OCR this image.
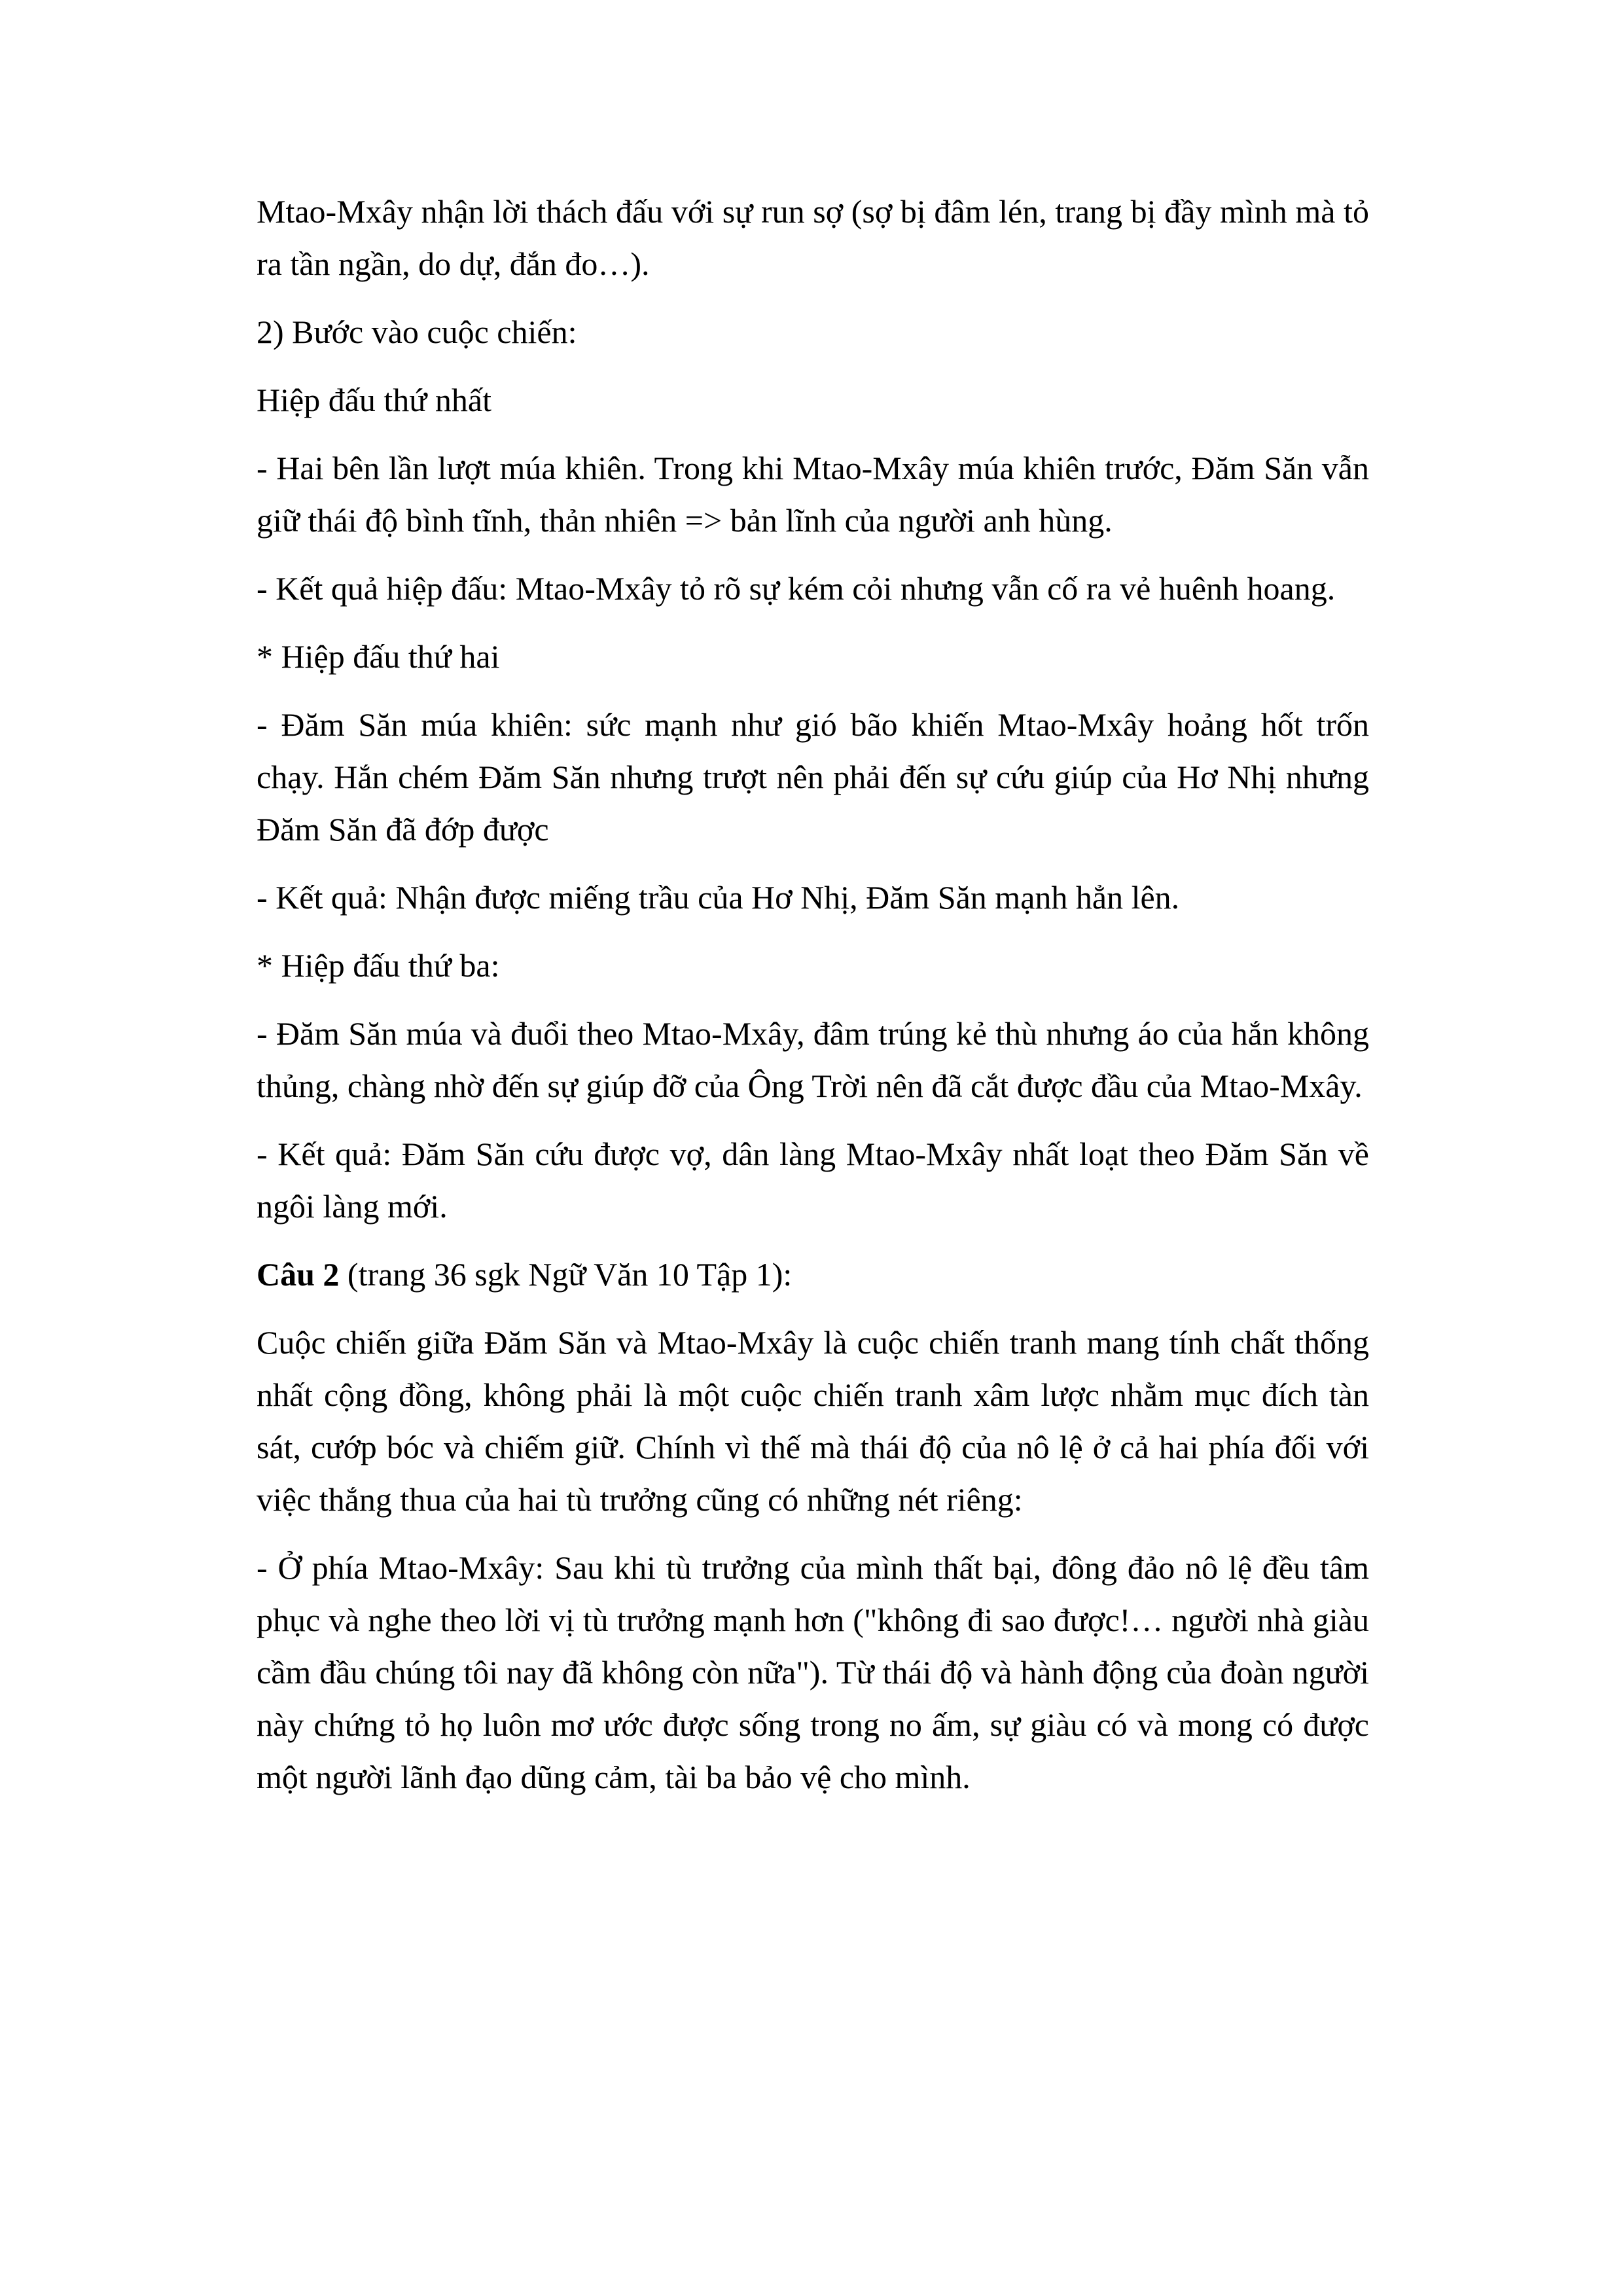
Mtao-Mxây nhận lời thách đấu với sự run sợ (sợ bị đâm lén, trang bị đầy mình mà tỏ ra tần ngần, do dự, đắn đo…).

2) Bước vào cuộc chiến:

Hiệp đấu thứ nhất

- Hai bên lần lượt múa khiên. Trong khi Mtao-Mxây múa khiên trước, Đăm Săn vẫn giữ thái độ bình tĩnh, thản nhiên => bản lĩnh của người anh hùng.

- Kết quả hiệp đấu: Mtao-Mxây tỏ rõ sự kém cỏi nhưng vẫn cố ra vẻ huênh hoang.

* Hiệp đấu thứ hai

- Đăm Săn múa khiên: sức mạnh như gió bão khiến Mtao-Mxây hoảng hốt trốn chạy. Hắn chém Đăm Săn nhưng trượt nên phải đến sự cứu giúp của Hơ Nhị nhưng Đăm Săn đã đớp được

- Kết quả: Nhận được miếng trầu của Hơ Nhị, Đăm Săn mạnh hẳn lên.

* Hiệp đấu thứ ba:

- Đăm Săn múa và đuổi theo Mtao-Mxây, đâm trúng kẻ thù nhưng áo của hắn không thủng, chàng nhờ đến sự giúp đỡ của Ông Trời nên đã cắt được đầu của Mtao-Mxây.

- Kết quả: Đăm Săn cứu được vợ, dân làng Mtao-Mxây nhất loạt theo Đăm Săn về ngôi làng mới.

Câu 2 (trang 36 sgk Ngữ Văn 10 Tập 1):

Cuộc chiến giữa Đăm Săn và Mtao-Mxây là cuộc chiến tranh mang tính chất thống nhất cộng đồng, không phải là một cuộc chiến tranh xâm lược nhằm mục đích tàn sát, cướp bóc và chiếm giữ. Chính vì thế mà thái độ của nô lệ ở cả hai phía đối với việc thắng thua của hai tù trưởng cũng có những nét riêng:

- Ở phía Mtao-Mxây: Sau khi tù trưởng của mình thất bại, đông đảo nô lệ đều tâm phục và nghe theo lời vị tù trưởng mạnh hơn ("không đi sao được!… người nhà giàu cầm đầu chúng tôi nay đã không còn nữa"). Từ thái độ và hành động của đoàn người này chứng tỏ họ luôn mơ ước được sống trong no ấm, sự giàu có và mong có được một người lãnh đạo dũng cảm, tài ba bảo vệ cho mình.
